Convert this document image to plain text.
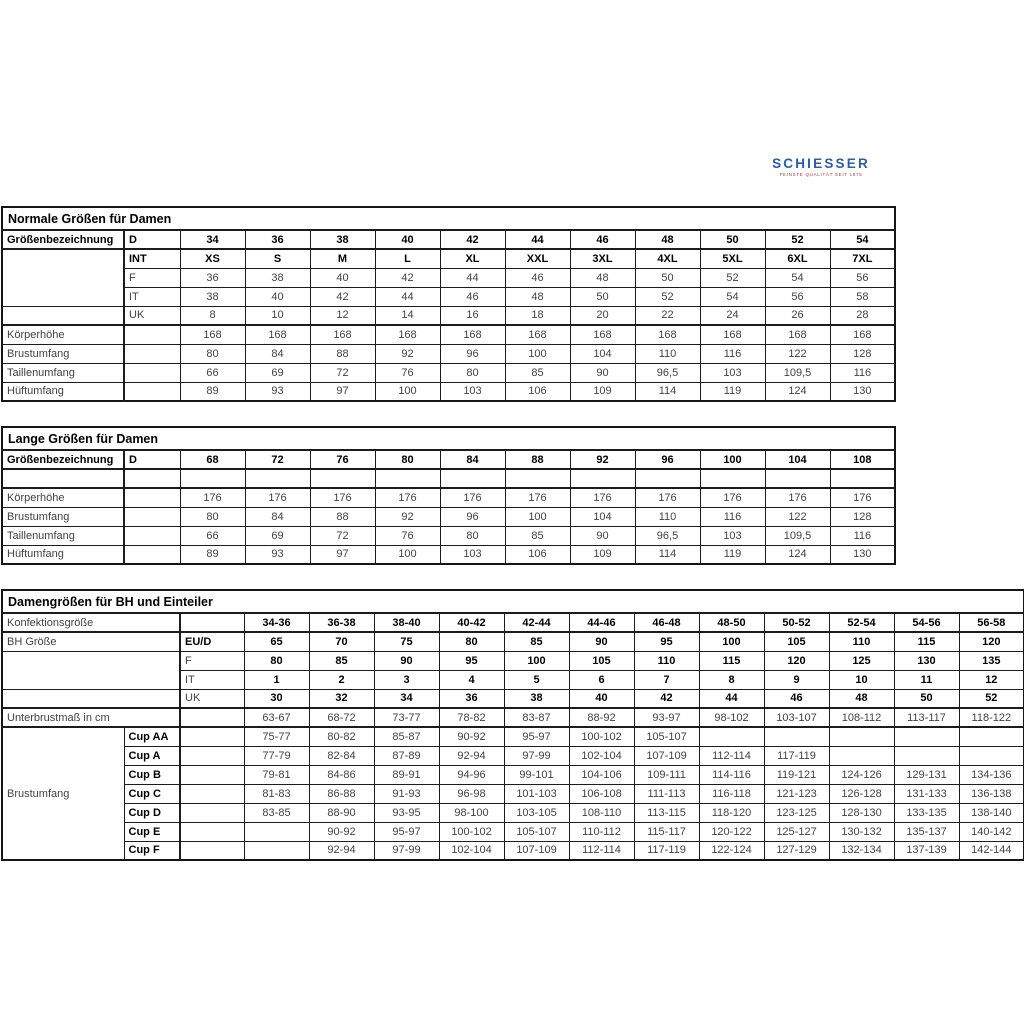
SCHIESSER
FEINSTE QUALITÄT SEIT 1875
Normale Größen für Damen												
Größenbezeichnung	D	34	36	38	40	42	44	46	48	50	52	54
	INT	XS	S	M	L	XL	XXL	3XL	4XL	5XL	6XL	7XL
	F	36	38	40	42	44	46	48	50	52	54	56
	IT	38	40	42	44	46	48	50	52	54	56	58
	UK	8	10	12	14	16	18	20	22	24	26	28
Körperhöhe		168	168	168	168	168	168	168	168	168	168	168
Brustumfang		80	84	88	92	96	100	104	110	116	122	128
Taillenumfang		66	69	72	76	80	85	90	96,5	103	109,5	116
Hüftumfang		89	93	97	100	103	106	109	114	119	124	130
Lange Größen für Damen												
Größenbezeichnung	D	68	72	76	80	84	88	92	96	100	104	108

Körperhöhe		176	176	176	176	176	176	176	176	176	176	176
Brustumfang		80	84	88	92	96	100	104	110	116	122	128
Taillenumfang		66	69	72	76	80	85	90	96,5	103	109,5	116
Hüftumfang		89	93	97	100	103	106	109	114	119	124	130
Damengrößen für BH und Einteiler														
Konfektionsgröße			34-36	36-38	38-40	40-42	42-44	44-46	46-48	48-50	50-52	52-54	54-56	56-58
BH Größe		EU/D	65	70	75	80	85	90	95	100	105	110	115	120
		F	80	85	90	95	100	105	110	115	120	125	130	135
		IT	1	2	3	4	5	6	7	8	9	10	11	12
		UK	30	32	34	36	38	40	42	44	46	48	50	52
Unterbrustmaß in cm			63-67	68-72	73-77	78-82	83-87	88-92	93-97	98-102	103-107	108-112	113-117	118-122
Brustumfang	Cup AA		75-77	80-82	85-87	90-92	95-97	100-102	105-107					
	Cup A		77-79	82-84	87-89	92-94	97-99	102-104	107-109	112-114	117-119			
	Cup B		79-81	84-86	89-91	94-96	99-101	104-106	109-111	114-116	119-121	124-126	129-131	134-136
	Cup C		81-83	86-88	91-93	96-98	101-103	106-108	111-113	116-118	121-123	126-128	131-133	136-138
	Cup D		83-85	88-90	93-95	98-100	103-105	108-110	113-115	118-120	123-125	128-130	133-135	138-140
	Cup E			90-92	95-97	100-102	105-107	110-112	115-117	120-122	125-127	130-132	135-137	140-142
	Cup F			92-94	97-99	102-104	107-109	112-114	117-119	122-124	127-129	132-134	137-139	142-144
